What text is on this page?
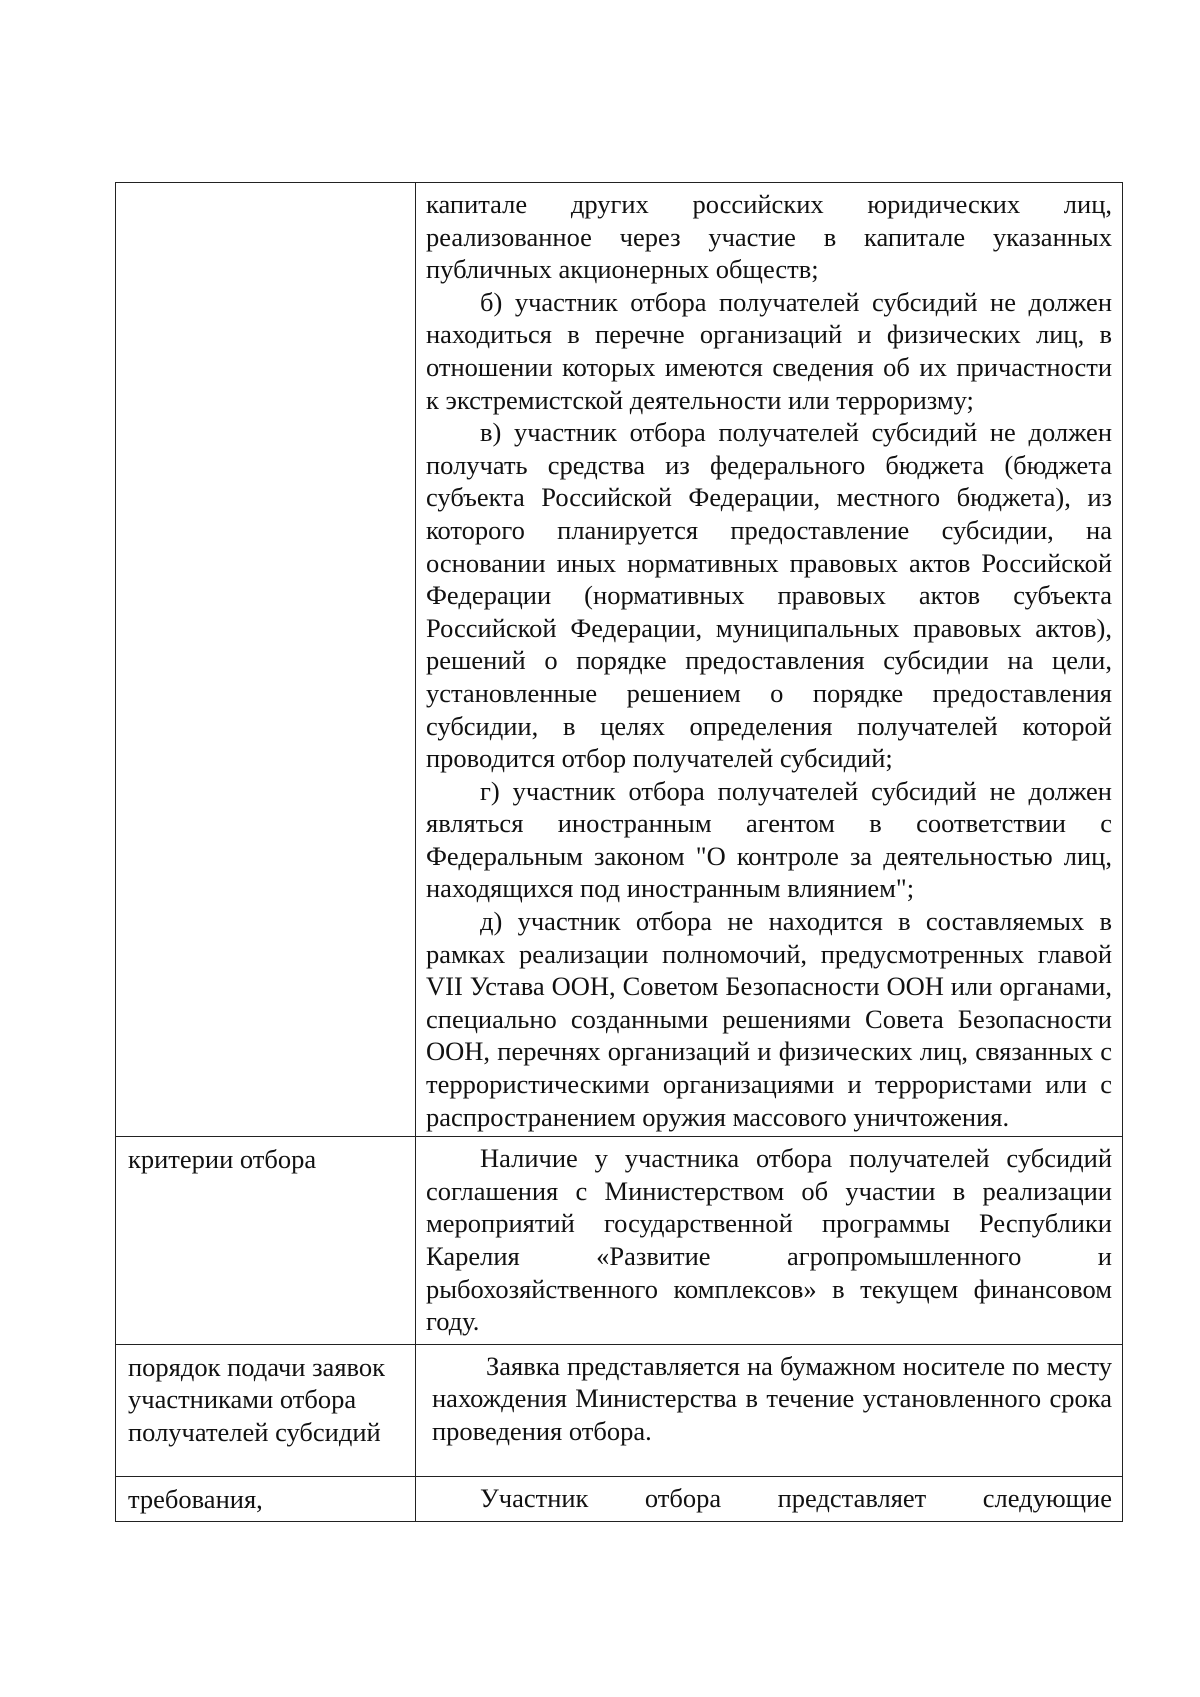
	капитале других российских юридических лиц, реализованное через участие в капитале указанных публичных акционерных обществ;

б) участник отбора получателей субсидий не должен находиться в перечне организаций и физических лиц, в отношении которых имеются сведения об их причастности к экстремистской деятельности или терроризму;

в) участник отбора получателей субсидий не должен получать средства из федерального бюджета (бюджета субъекта Российской Федерации, местного бюджета), из которого планируется предоставление субсидии, на основании иных нормативных правовых актов Российской Федерации (нормативных правовых актов субъекта Российской Федерации, муниципальных правовых актов), решений о порядке предоставления субсидии на цели, установленные решением о порядке предоставления субсидии, в целях определения получателей которой проводится отбор получателей субсидий;

г) участник отбора получателей субсидий не должен являться иностранным агентом в соответствии с Федеральным законом "О контроле за деятельностью лиц, находящихся под иностранным влиянием";

д) участник отбора не находится в составляемых в рамках реализации полномочий, предусмотренных главой VII Устава ООН, Советом Безопасности ООН или органами, специально созданными решениями Совета Безопасности ООН, перечнях организаций и физических лиц, связанных с террористическими организациями и террористами или с распространением оружия массового уничтожения.

критерии отбора	Наличие у участника отбора получателей субсидий соглашения с Министерством об участии в реализации мероприятий государственной программы Республики Карелия «Развитие агропромышленного и рыбохозяйственного комплексов» в текущем финансовом году.

порядок подачи заявок участниками отбора получателей субсидий	Заявка представляется на бумажном носителе по месту нахождения Министерства в течение установленного срока проведения отбора.

требования,	Участник отбора представляет следующие
